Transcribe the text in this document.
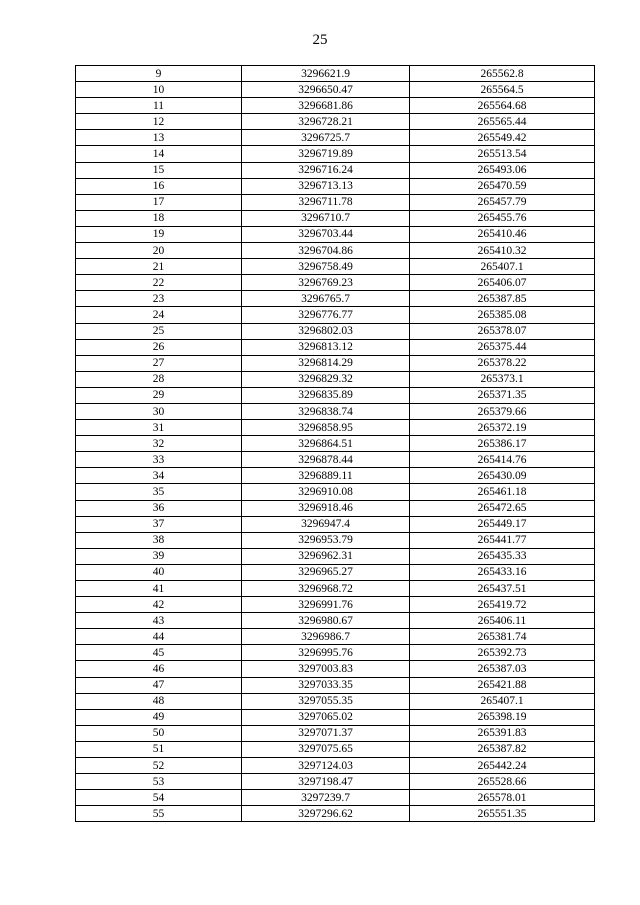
25
9	3296621.9	265562.8
10	3296650.47	265564.5
11	3296681.86	265564.68
12	3296728.21	265565.44
13	3296725.7	265549.42
14	3296719.89	265513.54
15	3296716.24	265493.06
16	3296713.13	265470.59
17	3296711.78	265457.79
18	3296710.7	265455.76
19	3296703.44	265410.46
20	3296704.86	265410.32
21	3296758.49	265407.1
22	3296769.23	265406.07
23	3296765.7	265387.85
24	3296776.77	265385.08
25	3296802.03	265378.07
26	3296813.12	265375.44
27	3296814.29	265378.22
28	3296829.32	265373.1
29	3296835.89	265371.35
30	3296838.74	265379.66
31	3296858.95	265372.19
32	3296864.51	265386.17
33	3296878.44	265414.76
34	3296889.11	265430.09
35	3296910.08	265461.18
36	3296918.46	265472.65
37	3296947.4	265449.17
38	3296953.79	265441.77
39	3296962.31	265435.33
40	3296965.27	265433.16
41	3296968.72	265437.51
42	3296991.76	265419.72
43	3296980.67	265406.11
44	3296986.7	265381.74
45	3296995.76	265392.73
46	3297003.83	265387.03
47	3297033.35	265421.88
48	3297055.35	265407.1
49	3297065.02	265398.19
50	3297071.37	265391.83
51	3297075.65	265387.82
52	3297124.03	265442.24
53	3297198.47	265528.66
54	3297239.7	265578.01
55	3297296.62	265551.35
